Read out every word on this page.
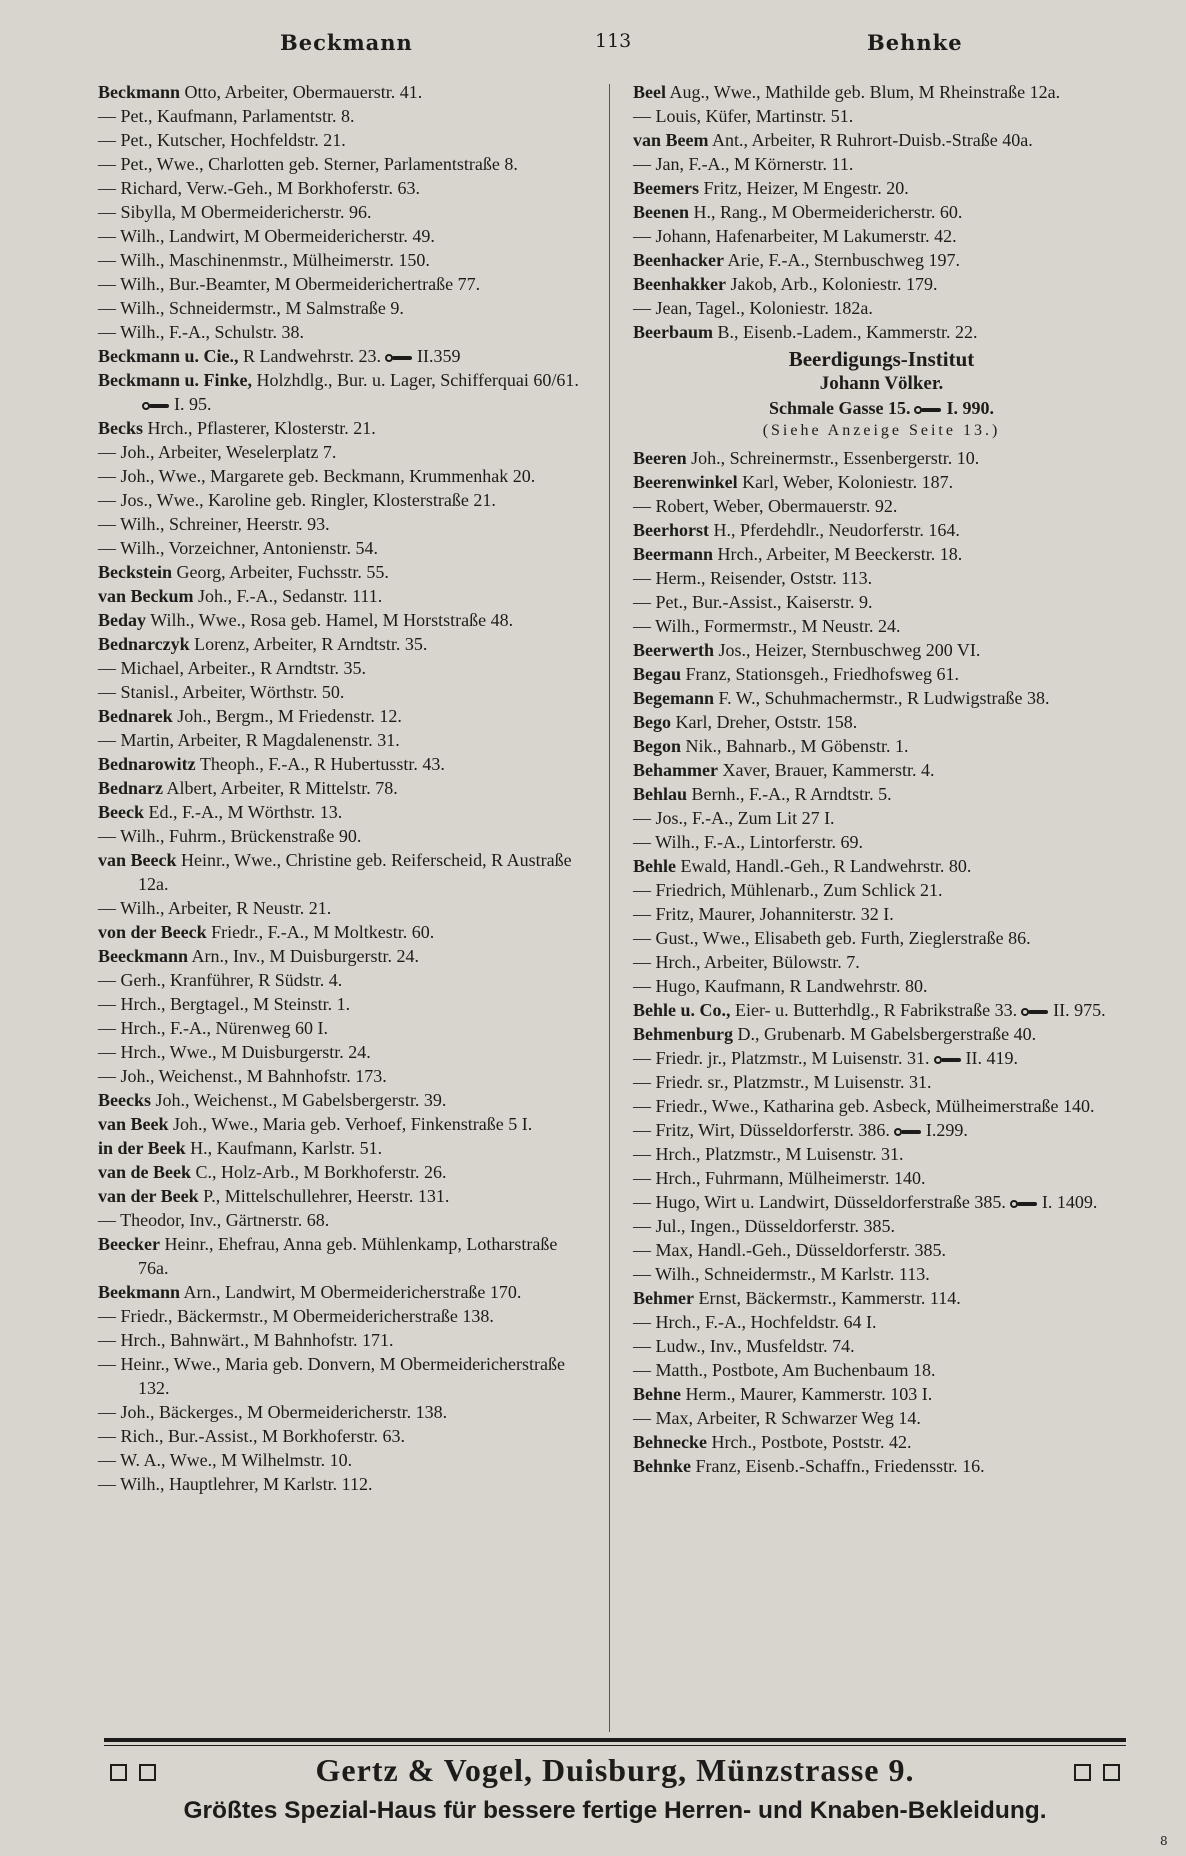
Beckmann	113	Behnke
Beckmann Otto, Arbeiter, Obermauerstr. 41.
— Pet., Kaufmann, Parlamentstr. 8.
— Pet., Kutscher, Hochfeldstr. 21.
— Pet., Wwe., Charlotten geb. Sterner, Parlamentstraße 8.
— Richard, Verw.-Geh., M Borkhoferstr. 63.
— Sibylla, M Obermeidericherstr. 96.
— Wilh., Landwirt, M Obermeidericherstr. 49.
— Wilh., Maschinenmstr., Mülheimerstr. 150.
— Wilh., Bur.-Beamter, M Obermeiderichertraße 77.
— Wilh., Schneidermstr., M Salmstraße 9.
— Wilh., F.-A., Schulstr. 38.
Beckmann u. Cie., R Landwehrstr. 23. II.359
Beckmann u. Finke, Holzhdlg., Bur. u. Lager, Schifferquai 60/61.I. 95.
Becks Hrch., Pflasterer, Klosterstr. 21.
— Joh., Arbeiter, Weselerplatz 7.
— Joh., Wwe., Margarete geb. Beckmann, Krummenhak 20.
— Jos., Wwe., Karoline geb. Ringler, Klosterstraße 21.
— Wilh., Schreiner, Heerstr. 93.
— Wilh., Vorzeichner, Antonienstr. 54.
Beckstein Georg, Arbeiter, Fuchsstr. 55.
van Beckum Joh., F.-A., Sedanstr. 111.
Beday Wilh., Wwe., Rosa geb. Hamel, M Horststraße 48.
Bednarczyk Lorenz, Arbeiter, R Arndtstr. 35.
— Michael, Arbeiter., R Arndtstr. 35.
— Stanisl., Arbeiter, Wörthstr. 50.
Bednarek Joh., Bergm., M Friedenstr. 12.
— Martin, Arbeiter, R Magdalenenstr. 31.
Bednarowitz Theoph., F.-A., R Hubertusstr. 43.
Bednarz Albert, Arbeiter, R Mittelstr. 78.
Beeck Ed., F.-A., M Wörthstr. 13.
— Wilh., Fuhrm., Brückenstraße 90.
van Beeck Heinr., Wwe., Christine geb. Reiferscheid, R Austraße 12a.
— Wilh., Arbeiter, R Neustr. 21.
von der Beeck Friedr., F.-A., M Moltkestr. 60.
Beeckmann Arn., Inv., M Duisburgerstr. 24.
— Gerh., Kranführer, R Südstr. 4.
— Hrch., Bergtagel., M Steinstr. 1.
— Hrch., F.-A., Nürenweg 60 I.
— Hrch., Wwe., M Duisburgerstr. 24.
— Joh., Weichenst., M Bahnhofstr. 173.
Beecks Joh., Weichenst., M Gabelsbergerstr. 39.
van Beek Joh., Wwe., Maria geb. Verhoef, Finkenstraße 5 I.
in der Beek H., Kaufmann, Karlstr. 51.
van de Beek C., Holz-Arb., M Borkhoferstr. 26.
van der Beek P., Mittelschullehrer, Heerstr. 131.
— Theodor, Inv., Gärtnerstr. 68.
Beecker Heinr., Ehefrau, Anna geb. Mühlenkamp, Lotharstraße 76a.
Beekmann Arn., Landwirt, M Obermeidericherstraße 170.
— Friedr., Bäckermstr., M Obermeidericherstraße 138.
— Hrch., Bahnwärt., M Bahnhofstr. 171.
— Heinr., Wwe., Maria geb. Donvern, M Obermeidericherstraße 132.
— Joh., Bäckerges., M Obermeidericherstr. 138.
— Rich., Bur.-Assist., M Borkhoferstr. 63.
— W. A., Wwe., M Wilhelmstr. 10.
— Wilh., Hauptlehrer, M Karlstr. 112.
Beel Aug., Wwe., Mathilde geb. Blum, M Rheinstraße 12a.
— Louis, Küfer, Martinstr. 51.
van Beem Ant., Arbeiter, R Ruhrort-Duisb.-Straße 40a.
— Jan, F.-A., M Körnerstr. 11.
Beemers Fritz, Heizer, M Engestr. 20.
Beenen H., Rang., M Obermeidericherstr. 60.
— Johann, Hafenarbeiter, M Lakumerstr. 42.
Beenhacker Arie, F.-A., Sternbuschweg 197.
Beenhakker Jakob, Arb., Koloniestr. 179.
— Jean, Tagel., Koloniestr. 182a.
Beerbaum B., Eisenb.-Ladem., Kammerstr. 22.
Beerdigungs-Institut
Johann Völker.
Schmale Gasse 15. I. 990.
(Siehe Anzeige Seite 13.)
Beeren Joh., Schreinermstr., Essenbergerstr. 10.
Beerenwinkel Karl, Weber, Koloniestr. 187.
— Robert, Weber, Obermauerstr. 92.
Beerhorst H., Pferdehdlr., Neudorferstr. 164.
Beermann Hrch., Arbeiter, M Beeckerstr. 18.
— Herm., Reisender, Oststr. 113.
— Pet., Bur.-Assist., Kaiserstr. 9.
— Wilh., Formermstr., M Neustr. 24.
Beerwerth Jos., Heizer, Sternbuschweg 200 VI.
Begau Franz, Stationsgeh., Friedhofsweg 61.
Begemann F. W., Schuhmachermstr., R Ludwigstraße 38.
Bego Karl, Dreher, Oststr. 158.
Begon Nik., Bahnarb., M Göbenstr. 1.
Behammer Xaver, Brauer, Kammerstr. 4.
Behlau Bernh., F.-A., R Arndtstr. 5.
— Jos., F.-A., Zum Lit 27 I.
— Wilh., F.-A., Lintorferstr. 69.
Behle Ewald, Handl.-Geh., R Landwehrstr. 80.
— Friedrich, Mühlenarb., Zum Schlick 21.
— Fritz, Maurer, Johanniterstr. 32 I.
— Gust., Wwe., Elisabeth geb. Furth, Zieglerstraße 86.
— Hrch., Arbeiter, Bülowstr. 7.
— Hugo, Kaufmann, R Landwehrstr. 80.
Behle u. Co., Eier- u. Butterhdlg., R Fabrikstraße 33. II. 975.
Behmenburg D., Grubenarb. M Gabelsbergerstraße 40.
— Friedr. jr., Platzmstr., M Luisenstr. 31. II. 419.
— Friedr. sr., Platzmstr., M Luisenstr. 31.
— Friedr., Wwe., Katharina geb. Asbeck, Mülheimerstraße 140.
— Fritz, Wirt, Düsseldorferstr. 386. I.299.
— Hrch., Platzmstr., M Luisenstr. 31.
— Hrch., Fuhrmann, Mülheimerstr. 140.
— Hugo, Wirt u. Landwirt, Düsseldorferstraße 385. I. 1409.
— Jul., Ingen., Düsseldorferstr. 385.
— Max, Handl.-Geh., Düsseldorferstr. 385.
— Wilh., Schneidermstr., M Karlstr. 113.
Behmer Ernst, Bäckermstr., Kammerstr. 114.
— Hrch., F.-A., Hochfeldstr. 64 I.
— Ludw., Inv., Musfeldstr. 74.
— Matth., Postbote, Am Buchenbaum 18.
Behne Herm., Maurer, Kammerstr. 103 I.
— Max, Arbeiter, R Schwarzer Weg 14.
Behnecke Hrch., Postbote, Poststr. 42.
Behnke Franz, Eisenb.-Schaffn., Friedensstr. 16.
Gertz & Vogel, Duisburg, Münzstrasse 9.
Größtes Spezial-Haus für bessere fertige Herren- und Knaben-Bekleidung.
8
